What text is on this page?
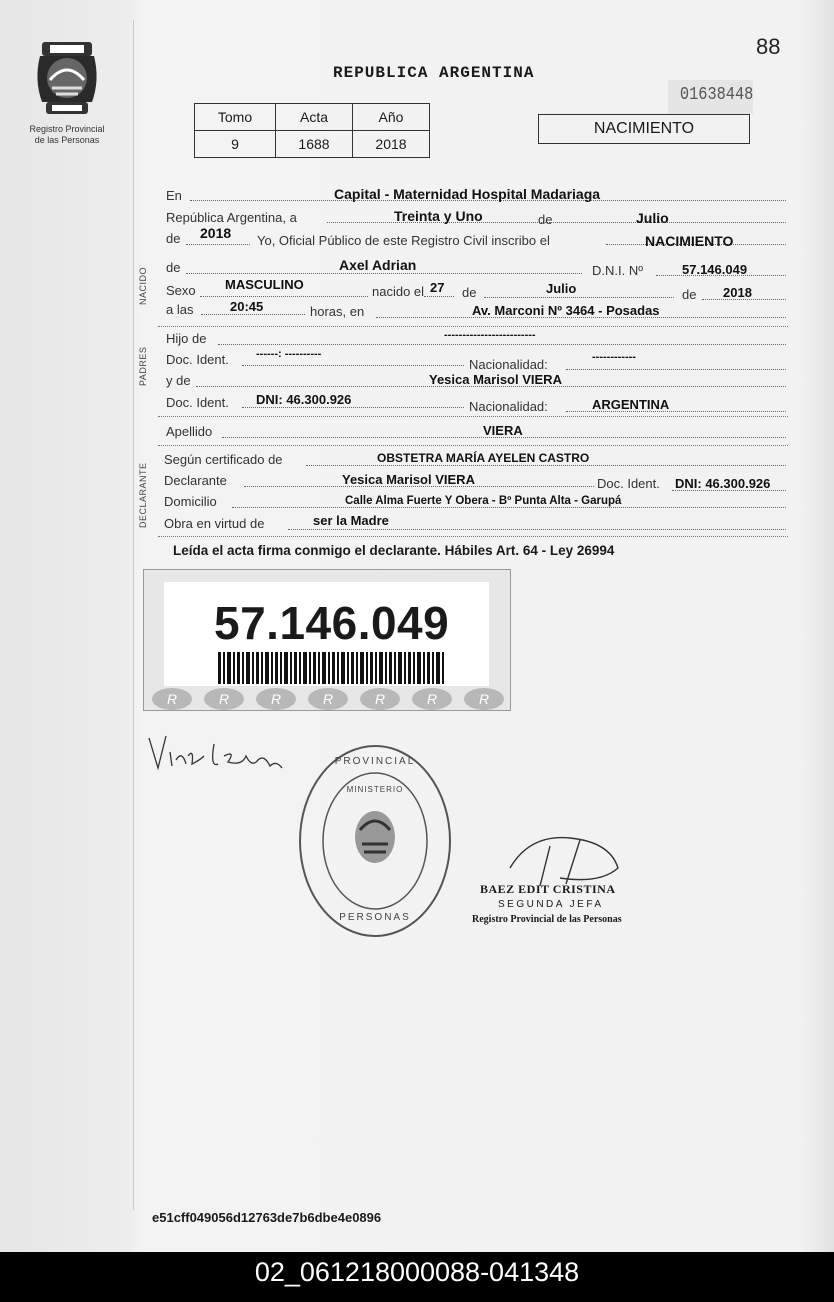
Registro Provincial
de las Personas
88
REPUBLICA ARGENTINA
01638448
Tomo	Acta	Año
9	1688	2018
NACIMIENTO
En	Capital - Maternidad Hospital Madariaga
República Argentina, a	Treinta y Uno	de	Julio
de 2018 Yo, Oficial Público de este Registro Civil inscribo el	NACIMIENTO
NACIDO de	Axel Adrian	D.N.I. Nº	57.146.049
Sexo MASCULINO	nacido el 27 de	Julio	de 2018
a las	20:45	horas, en	Av. Marconi Nº 3464 - Posadas
PADRES
Hijo de	-------------------------
Doc. Ident. ------: ----------
Nacionalidad:	------------
y de	Yesica Marisol VIERA
Doc. Ident. DNI: 46.300.926	Nacionalidad:	ARGENTINA
Apellido	VIERA
DECLARANTE
Según certificado de	OBSTETRA MARÍA AYELEN CASTRO
Declarante	Yesica Marisol VIERA	Doc. Ident. DNI: 46.300.926
Domicilio	Calle Alma Fuerte Y Obera - Bº Punta Alta - Garupá
Obra en virtud de	ser la Madre
Leída el acta firma conmigo el declarante. Hábiles Art. 64 - Ley 26994
57.146.049
R	R	R	R	R	R	R
PROVINCIAL
MINISTERIO
PERSONAS
BAEZ EDIT CRISTINA
SEGUNDA JEFA
Registro Provincial de las Personas
e51cff049056d12763de7b6dbe4e0896
02_061218000088-041348
